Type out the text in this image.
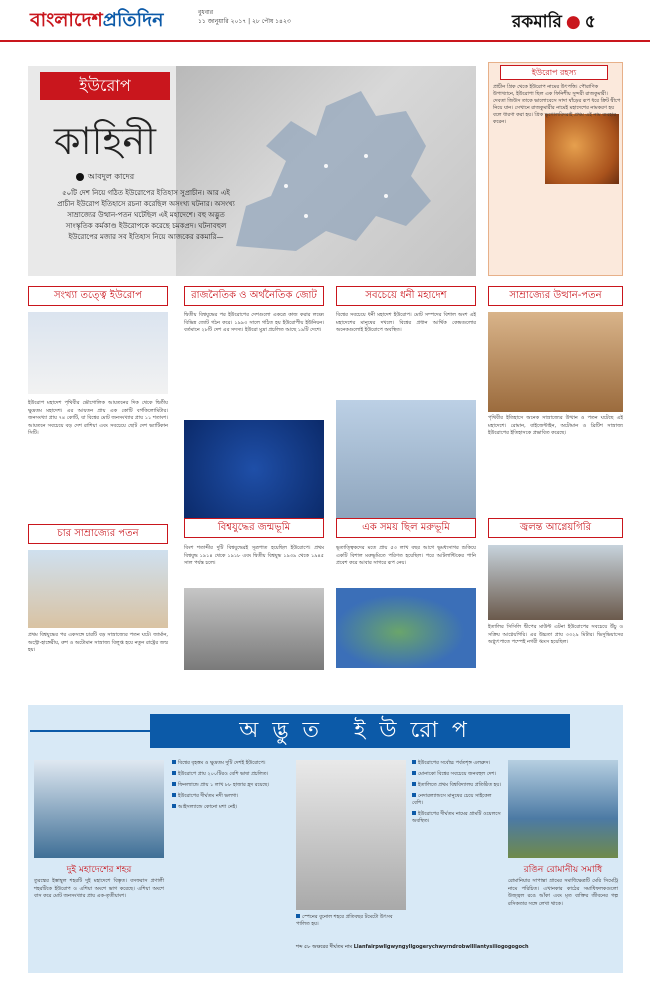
বাংলাদেশপ্রতিদিন	বুধবার
১১ জানুয়ারি ২০১৭ | ২৮ পৌষ ১৪২৩	রকমারি ● ৫
ইউরোপ
কাহিনী
আবদুল কাদের
৫০টি দেশ নিয়ে গঠিত ইউরোপের ইতিহাস সুপ্রাচীন। আর এই প্রাচীন ইউরোপ ইতিহাসে রচনা করেছিল অসংখ্য ঘটনার। অসংখ্য সাম্রাজ্যের উত্থান-পতন ঘটেছিল এই মহাদেশে। বহু অদ্ভুত সাংস্কৃতিক কর্মকাণ্ড ইউরোপকে করেছে চমকপ্রদ। ঘটনাবহুল ইউরোপের মজার সব ইতিহাস নিয়ে আজকের রকমারি—
ইউরোপ রহস্য
প্রাচীন গ্রিক থেকে ইউরোপ নামের উৎপত্তি। পৌরাণিক উপাখ্যানে, ইউরোপা ছিল এক ফিনিশীয় সুন্দরী রাজকুমারী। দেবতা জিউস তাকে ভালোবেসে সাদা ষাঁড়ের রূপ ধরে ক্রিট দ্বীপে নিয়ে যান। সেখানে রাজকুমারীর নামেই মহাদেশের নামকরণ হয় বলে ধারণা করা হয়। গ্রিক ভূগোলবিদরাই প্রথম এই নাম ব্যবহার করেন।
সংখ্যা তত্ত্বে ইউরোপ	রাজনৈতিক ও অর্থনৈতিক জোট	সবচেয়ে ধনী মহাদেশ	সাম্রাজ্যের উত্থান-পতন
ইউরোপ মহাদেশ পৃথিবীর ভৌগোলিক আয়তনের দিক থেকে দ্বিতীয় ক্ষুদ্রতম মহাদেশ। এর আয়তন প্রায় এক কোটি বর্গকিলোমিটার। জনসংখ্যা প্রায় ৭৪ কোটি, যা বিশ্বের মোট জনসংখ্যার প্রায় ১১ শতাংশ। আয়তনে সবচেয়ে বড় দেশ রাশিয়া এবং সবচেয়ে ছোট দেশ ভ্যাটিকান সিটি।
দ্বিতীয় বিশ্বযুদ্ধের পর ইউরোপের দেশগুলো একত্রে কাজ করার লক্ষ্যে বিভিন্ন জোট গঠন করে। ১৯৯৩ সালে গঠিত হয় ইউরোপীয় ইউনিয়ন। বর্তমানে ২৮টি দেশ এর সদস্য। ইউরো মুদ্রা প্রচলিত আছে ১৯টি দেশে।
বিশ্বের সবচেয়ে ধনী মহাদেশ ইউরোপ। মোট সম্পদের বিশাল অংশ এই মহাদেশের মানুষের দখলে। বিশ্বের প্রধান আর্থিক কেন্দ্রগুলোর অনেকগুলোই ইউরোপে অবস্থিত।
পৃথিবীর ইতিহাসে অনেক সাম্রাজ্যের উত্থান ও পতন ঘটেছে এই মহাদেশে। রোমান, বাইজেন্টাইন, অটোমান ও ব্রিটিশ সাম্রাজ্য ইউরোপের ইতিহাসকে প্রভাবিত করেছে।
চার সাম্রাজ্যের পতন
বিশ্বযুদ্ধের জন্মভূমি	এক সময় ছিল মরুভূমি	জ্বলন্ত আগ্নেয়গিরি
প্রথম বিশ্বযুদ্ধের পর একসঙ্গে চারটি বড় সাম্রাজ্যের পতন ঘটে। জার্মান, অস্ট্রো-হাঙ্গেরীয়, রুশ ও অটোমান সাম্রাজ্য বিলুপ্ত হয়ে নতুন রাষ্ট্রের জন্ম হয়।
বিংশ শতাব্দীর দুটি বিশ্বযুদ্ধেরই সূত্রপাত হয়েছিল ইউরোপে। প্রথম বিশ্বযুদ্ধ ১৯১৪ থেকে ১৯১৮ এবং দ্বিতীয় বিশ্বযুদ্ধ ১৯৩৯ থেকে ১৯৪৫ সাল পর্যন্ত চলে।
ভূতাত্ত্বিকদের মতে প্রায় ৫৩ লাখ বছর আগে ভূমধ্যসাগর শুকিয়ে একটি বিশাল মরুভূমিতে পরিণত হয়েছিল। পরে আটলান্টিকের পানি প্রবেশ করে আবার সাগরে রূপ নেয়।
ইতালির সিসিলি দ্বীপের মাউন্ট এটনা ইউরোপের সবচেয়ে উঁচু ও সক্রিয় আগ্নেয়গিরি। এর উচ্চতা প্রায় ৩৩২৯ মিটার। ভিসুভিয়াসের অগ্ন্যুৎপাতে পম্পেই নগরী ধ্বংস হয়েছিল।
অদ্ভুত ইউরোপ
দুই মহাদেশের শহর
তুরস্কের ইস্তাম্বুল শহরটি দুই মহাদেশে বিস্তৃত। বসফরাস প্রণালী শহরটিকে ইউরোপ ও এশিয়া অংশে ভাগ করেছে। এশিয়া অংশে বাস করে মোট জনসংখ্যার প্রায় এক-তৃতীয়াংশ।
বিশ্বের বৃহত্তম ও ক্ষুদ্রতম দুটি দেশই ইউরোপে।
ইউরোপে প্রায় ২০০টিরও বেশি ভাষা প্রচলিত।
ফিনল্যান্ডে প্রায় ১ লাখ ৮৮ হাজার হ্রদ রয়েছে।
ইউরোপের দীর্ঘতম নদী ভলগা।
আইসল্যান্ডে কোনো মশা নেই।
স্পেনের বুনোল শহরে প্রতিবছর টমেটো উৎসব পালিত হয়।
ইউরোপের সর্বোচ্চ পর্বতশৃঙ্গ এলব্রুস।
মোনাকো বিশ্বের সবচেয়ে জনবহুল দেশ।
ইতালিতে প্রথম বিশ্ববিদ্যালয় প্রতিষ্ঠিত হয়।
নেদারল্যান্ডসে মানুষের চেয়ে সাইকেল বেশি।
ইউরোপের দীর্ঘতম নামের গ্রামটি ওয়েলসে অবস্থিত।
শব্দ ৫৮ অক্ষরের দীর্ঘতম নাম Llanfairpwllgwyngyllgogerychwyrndrobwllllantysiliogogogoch
রঙিন রোমানীয় সমাধি
রোমানিয়ার সাপান্তা গ্রামের সমাধিক্ষেত্রটি মেরি সিমেট্রি নামে পরিচিত। এখানকার কাঠের সমাধিফলকগুলো উজ্জ্বল রঙে আঁকা এবং মৃত ব্যক্তির জীবনের গল্প রসিকতার সঙ্গে লেখা থাকে।
